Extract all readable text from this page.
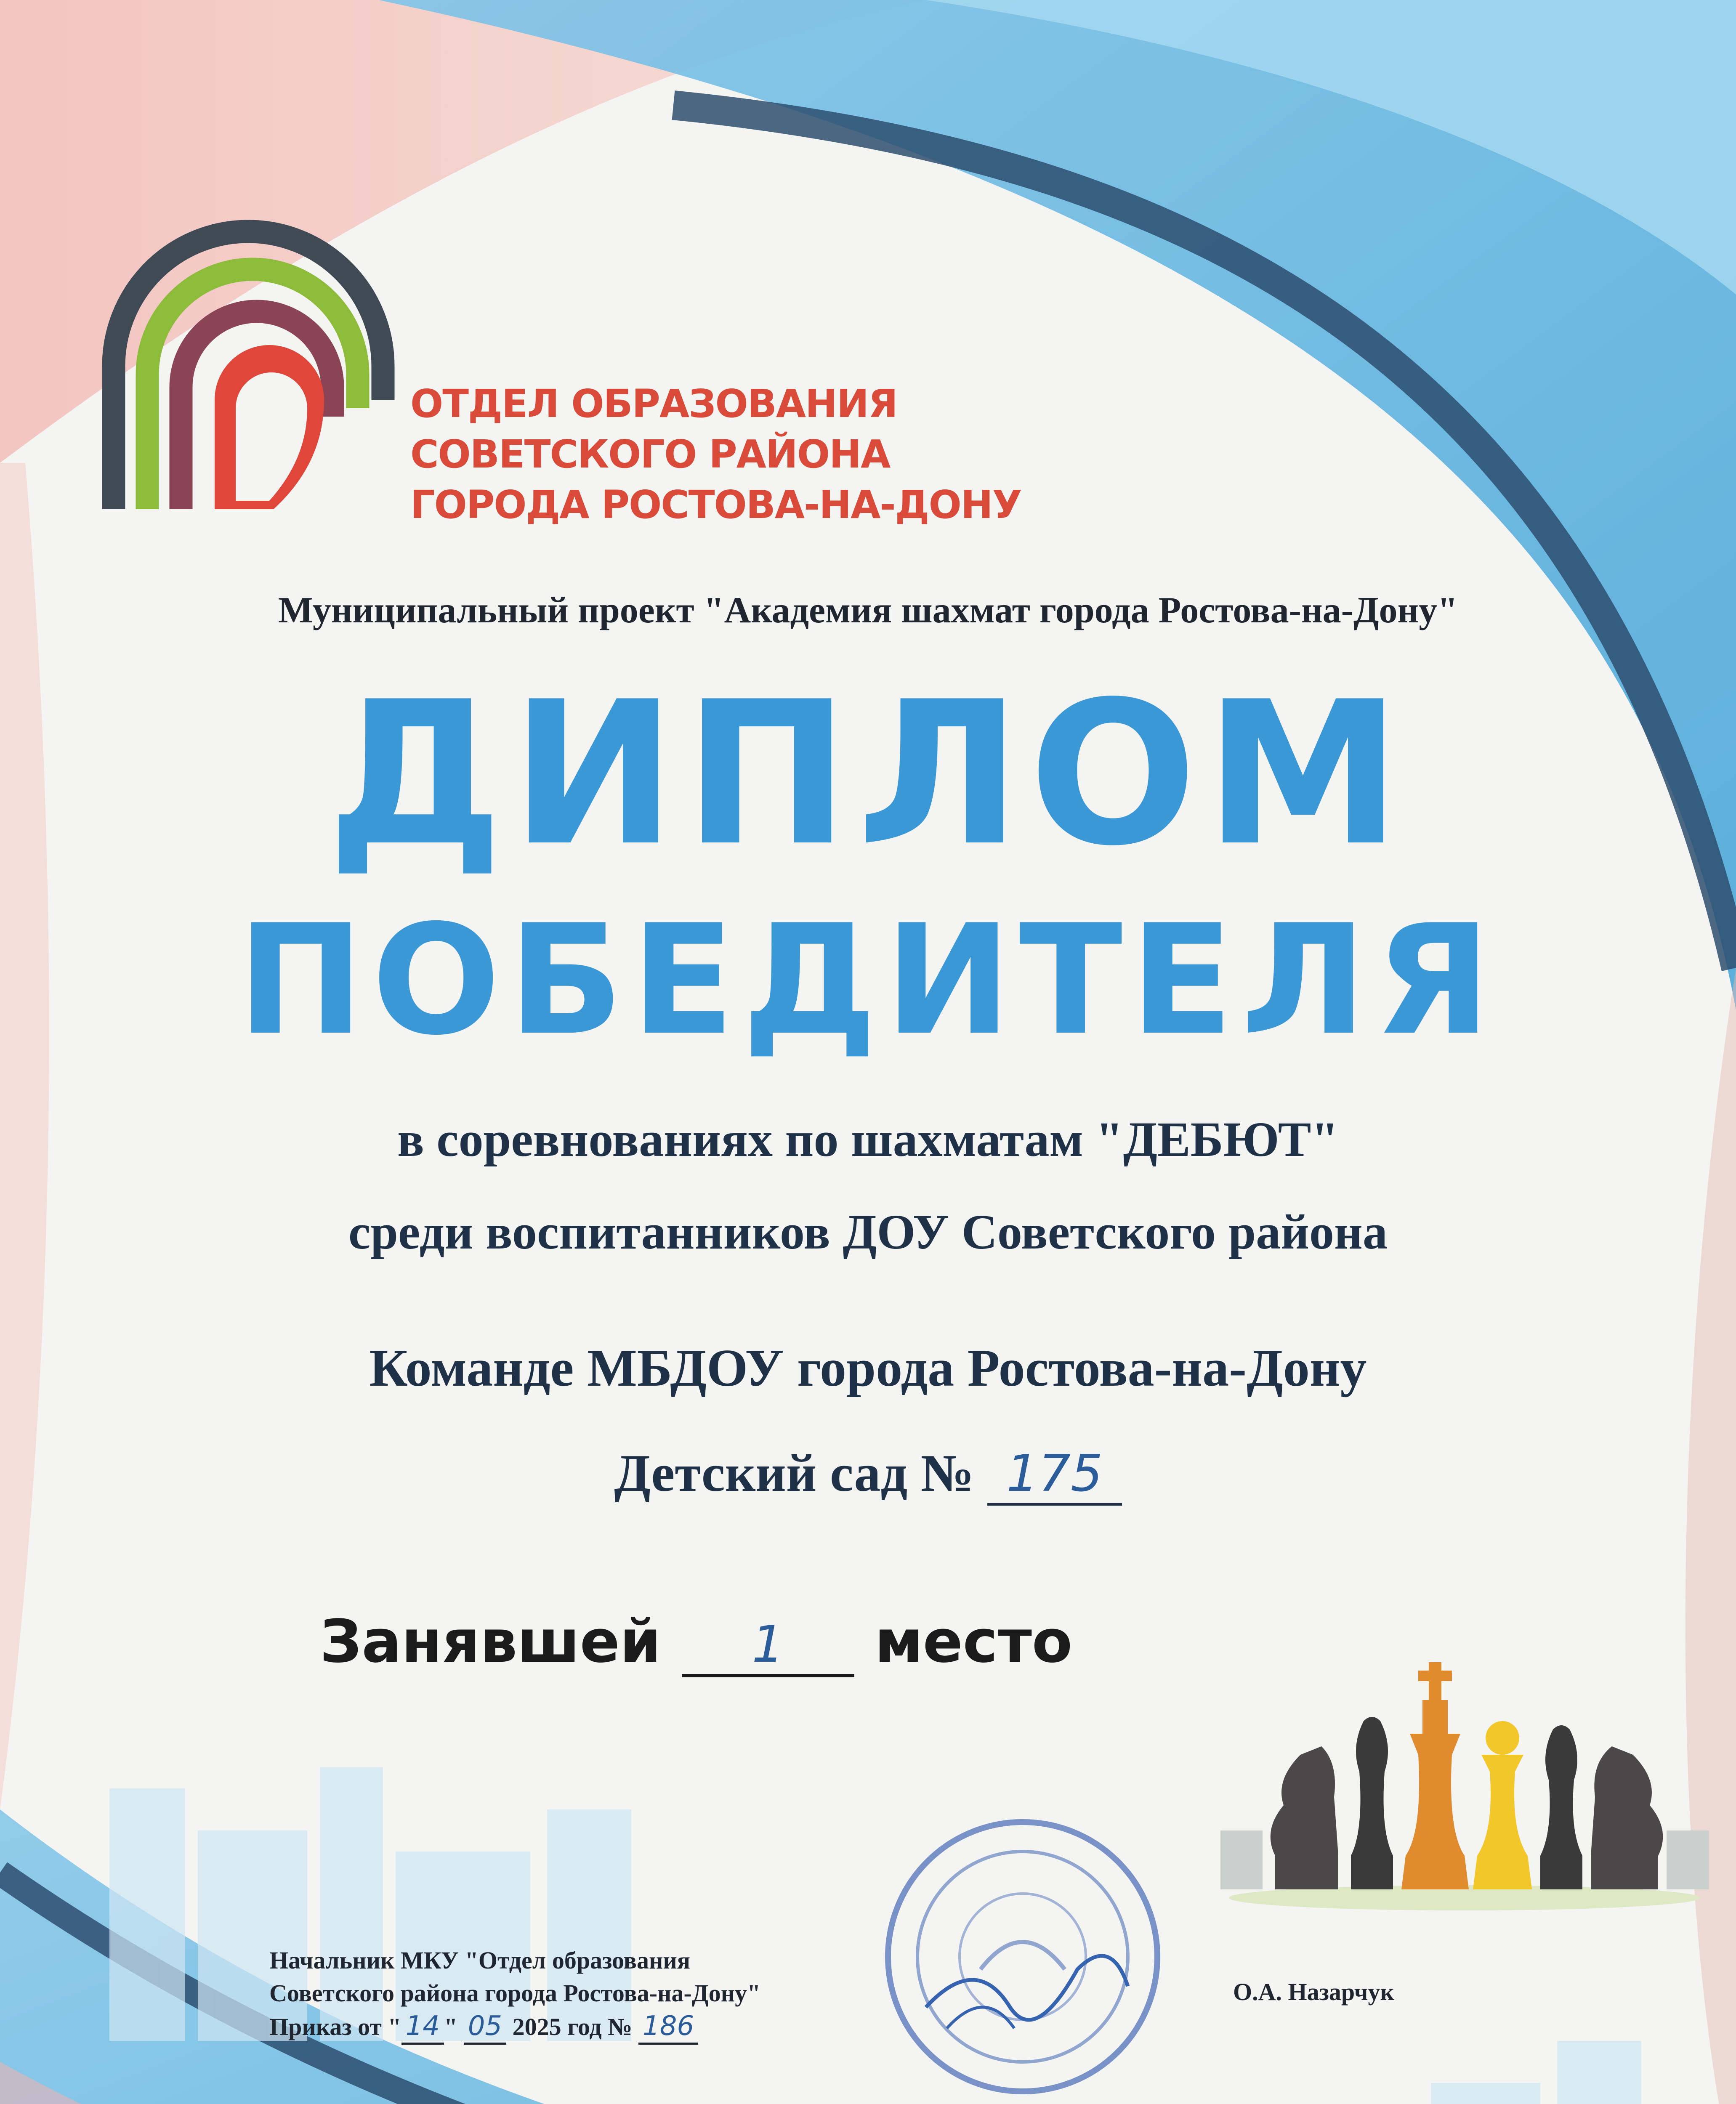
ОТДЕЛ ОБРАЗОВАНИЯ
СОВЕТСКОГО РАЙОНА
ГОРОДА РОСТОВА-НА-ДОНУ
Муниципальный проект "Академия шахмат города Ростова-на-Дону"
ДИПЛОМ
ПОБЕДИТЕЛЯ
в соревнованиях по шахматам "ДЕБЮТ"
среди воспитанников ДОУ Советского района
Команде МБДОУ города Ростова-на-Дону
Детский сад № 175
Занявшей 1 место
Начальник МКУ "Отдел образования
Советского района города Ростова-на-Дону"
Приказ от " 14 " 05 2025 год № 186
О.А. Назарчук
